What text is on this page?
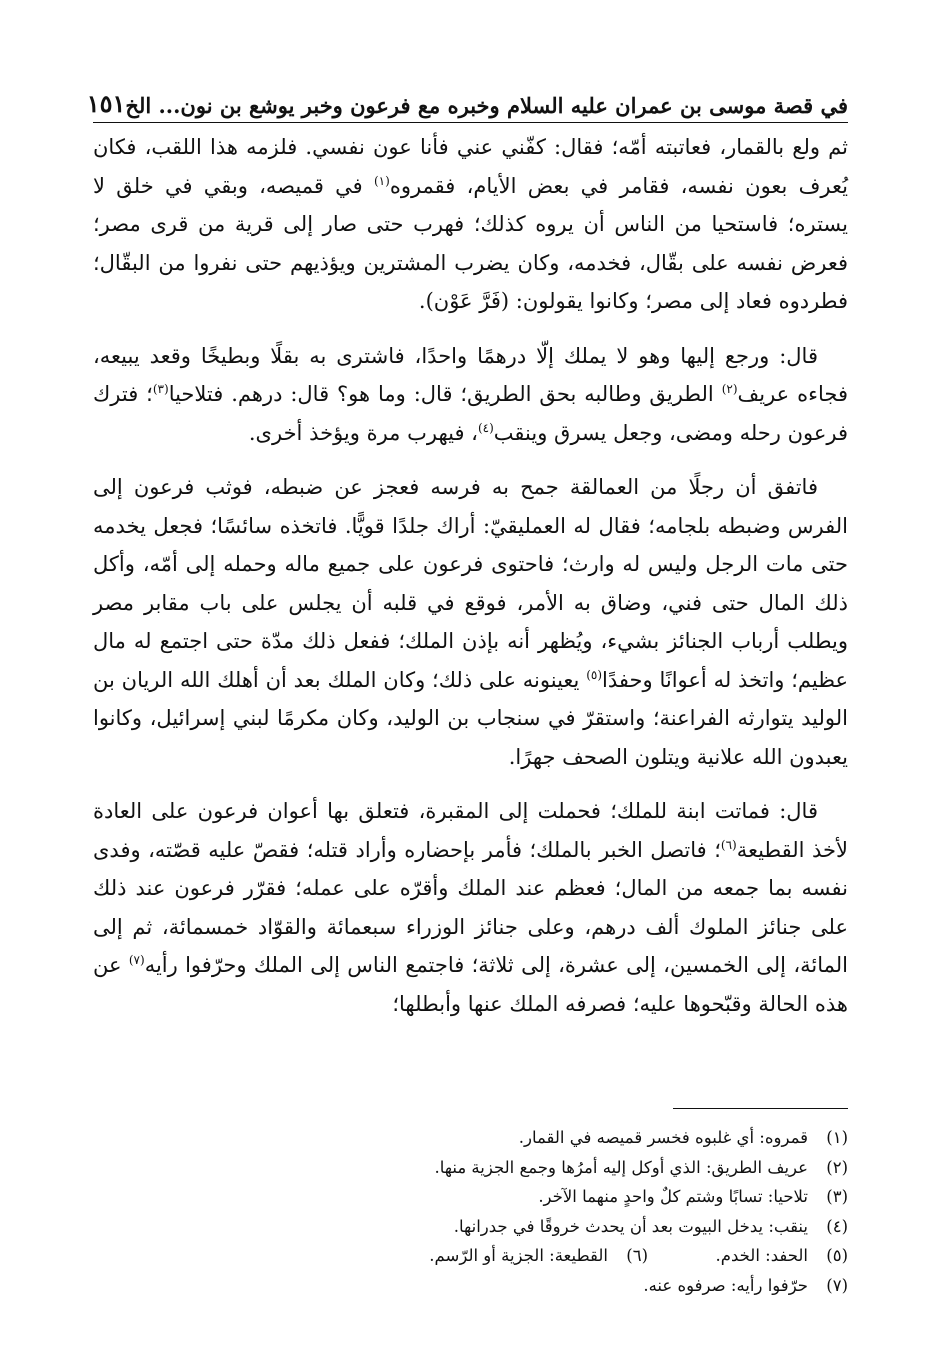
في قصة موسى بن عمران عليه السلام وخبره مع فرعون وخبر يوشع بن نون... الخ
١٥١

ثم ولع بالقمار، فعاتبته أمّه؛ فقال: كفّني عني فأنا عون نفسي. فلزمه هذا اللقب، فكان يُعرف بعون نفسه، فقامر في بعض الأيام، فقمروه$^{(١)}$ في قميصه، وبقي في خلق لا يستره؛ فاستحيا من الناس أن يروه كذلك؛ فهرب حتى صار إلى قرية من قرى مصر؛ فعرض نفسه على بقّال، فخدمه، وكان يضرب المشترين ويؤذيهم حتى نفروا من البقّال؛ فطردوه فعاد إلى مصر؛ وكانوا يقولون: (فَرَّ عَوْن).

قال: ورجع إليها وهو لا يملك إلّا درهمًا واحدًا، فاشترى به بقلًا وبطيخًا وقعد يبيعه، فجاءه عريف$^{(٢)}$ الطريق وطالبه بحق الطريق؛ قال: وما هو؟ قال: درهم. فتلاحيا$^{(٣)}$؛ فترك فرعون رحله ومضى، وجعل يسرق وينقب$^{(٤)}$، فيهرب مرة ويؤخذ أخرى.

فاتفق أن رجلًا من العمالقة جمح به فرسه فعجز عن ضبطه، فوثب فرعون إلى الفرس وضبطه بلجامه؛ فقال له العمليقيّ: أراك جلدًا قويًّا. فاتخذه سائسًا؛ فجعل يخدمه حتى مات الرجل وليس له وارث؛ فاحتوى فرعون على جميع ماله وحمله إلى أمّه، وأكل ذلك المال حتى فني، وضاق به الأمر، فوقع في قلبه أن يجلس على باب مقابر مصر ويطلب أرباب الجنائز بشيء، ويُظهر أنه بإذن الملك؛ ففعل ذلك مدّة حتى اجتمع له مال عظيم؛ واتخذ له أعوانًا وحفدًا$^{(٥)}$ يعينونه على ذلك؛ وكان الملك بعد أن أهلك الله الريان بن الوليد يتوارثه الفراعنة؛ واستقرّ في سنجاب بن الوليد، وكان مكرمًا لبني إسرائيل، وكانوا يعبدون الله علانية ويتلون الصحف جهرًا.

قال: فماتت ابنة للملك؛ فحملت إلى المقبرة، فتعلق بها أعوان فرعون على العادة لأخذ القطيعة$^{(٦)}$؛ فاتصل الخبر بالملك؛ فأمر بإحضاره وأراد قتله؛ فقصّ عليه قصّته، وفدى نفسه بما جمعه من المال؛ فعظم عند الملك وأقرّه على عمله؛ فقرّر فرعون عند ذلك على جنائز الملوك ألف درهم، وعلى جنائز الوزراء سبعمائة والقوّاد خمسمائة، ثم إلى المائة، إلى الخمسين، إلى عشرة، إلى ثلاثة؛ فاجتمع الناس إلى الملك وحرّفوا رأيه$^{(٧)}$ عن هذه الحالة وقبّحوها عليه؛ فصرفه الملك عنها وأبطلها؛

(١)قمروه: أي غلبوه فخسر قميصه في القمار.
(٢)عريف الطريق: الذي أوكل إليه أمرُها وجمع الجزية منها.
(٣)تلاحيا: تسابًا وشتم كلٌ واحدٍ منهما الآخر.
(٤)ينقب: يدخل البيوت بعد أن يحدث خروقًا في جدرانها.
(٥)الحفد: الخدم.
(٦)القطيعة: الجزية أو الرّسم.
(٧)حرّفوا رأيه: صرفوه عنه.
